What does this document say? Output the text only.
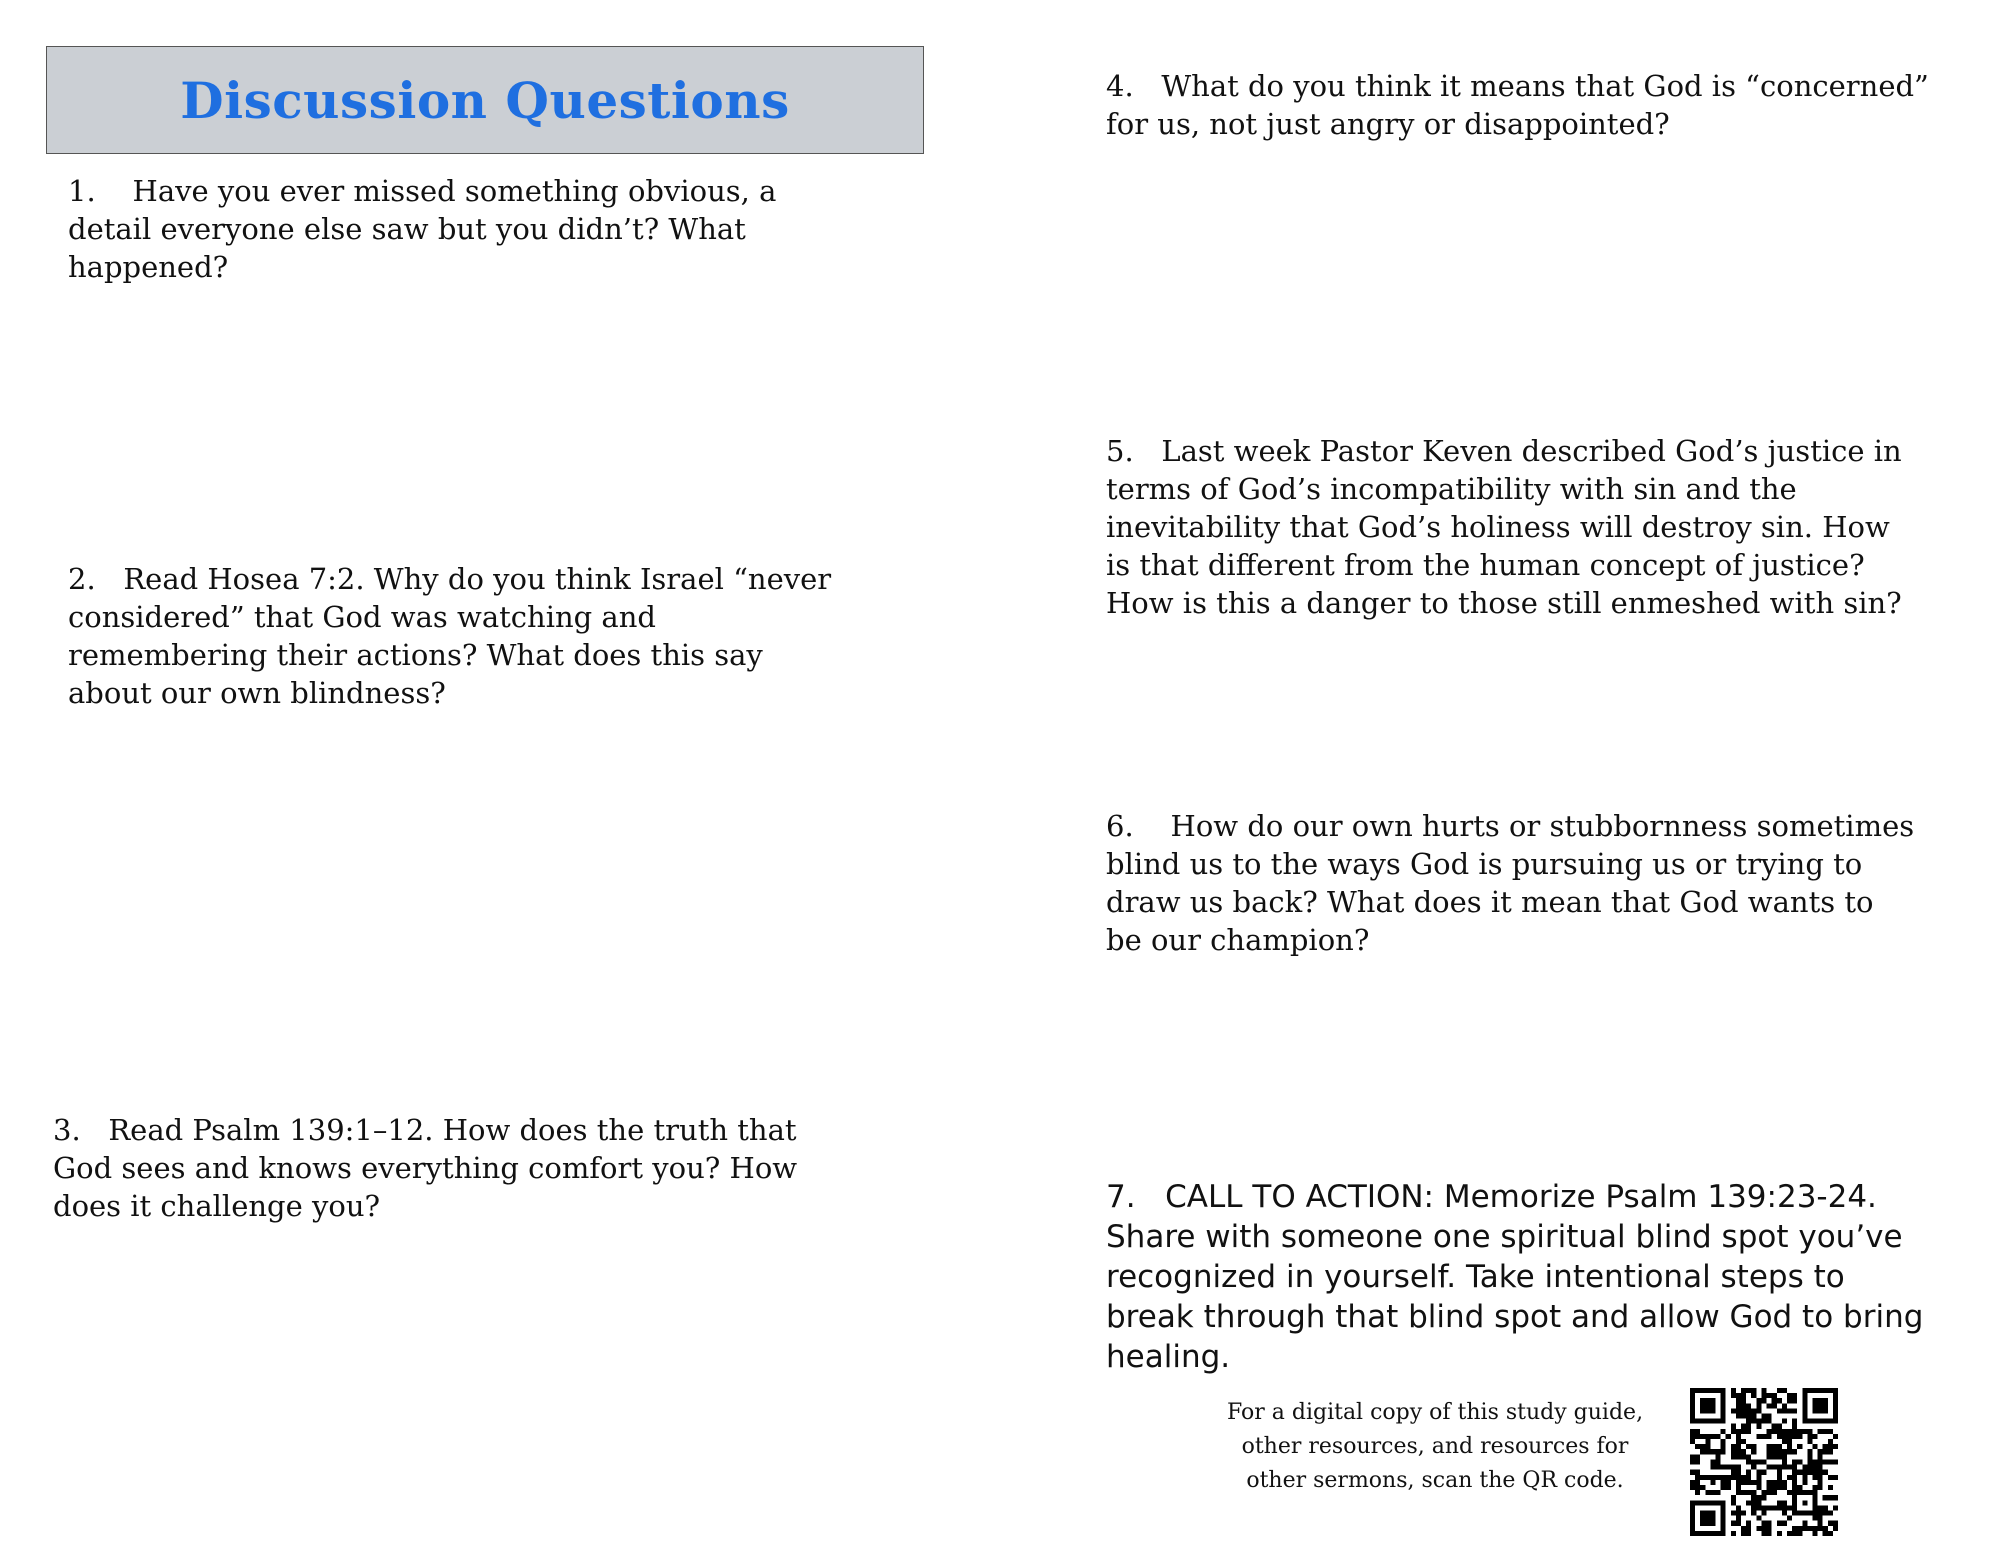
Discussion Questions

1.    Have you ever missed something obvious, a detail everyone else saw but you didn’t? What happened?

2.   Read Hosea 7:2. Why do you think Israel “never considered” that God was watching and remembering their actions? What does this say about our own blindness?

3.   Read Psalm 139:1–12. How does the truth that God sees and knows everything comfort you? How does it challenge you?

4.   What do you think it means that God is “concerned” for us, not just angry or disappointed?

5.   Last week Pastor Keven described God’s justice in terms of God’s incompatibility with sin and the inevitability that God’s holiness will destroy sin. How is that different from the human concept of justice? How is this a danger to those still enmeshed with sin?

6.    How do our own hurts or stubbornness sometimes blind us to the ways God is pursuing us or trying to draw us back? What does it mean that God wants to be our champion?

7.   CALL TO ACTION: Memorize Psalm 139:23-24. Share with someone one spiritual blind spot you’ve recognized in yourself. Take intentional steps to break through that blind spot and allow God to bring healing.

For a digital copy of this study guide,
other resources, and resources for
other sermons, scan the QR code.
